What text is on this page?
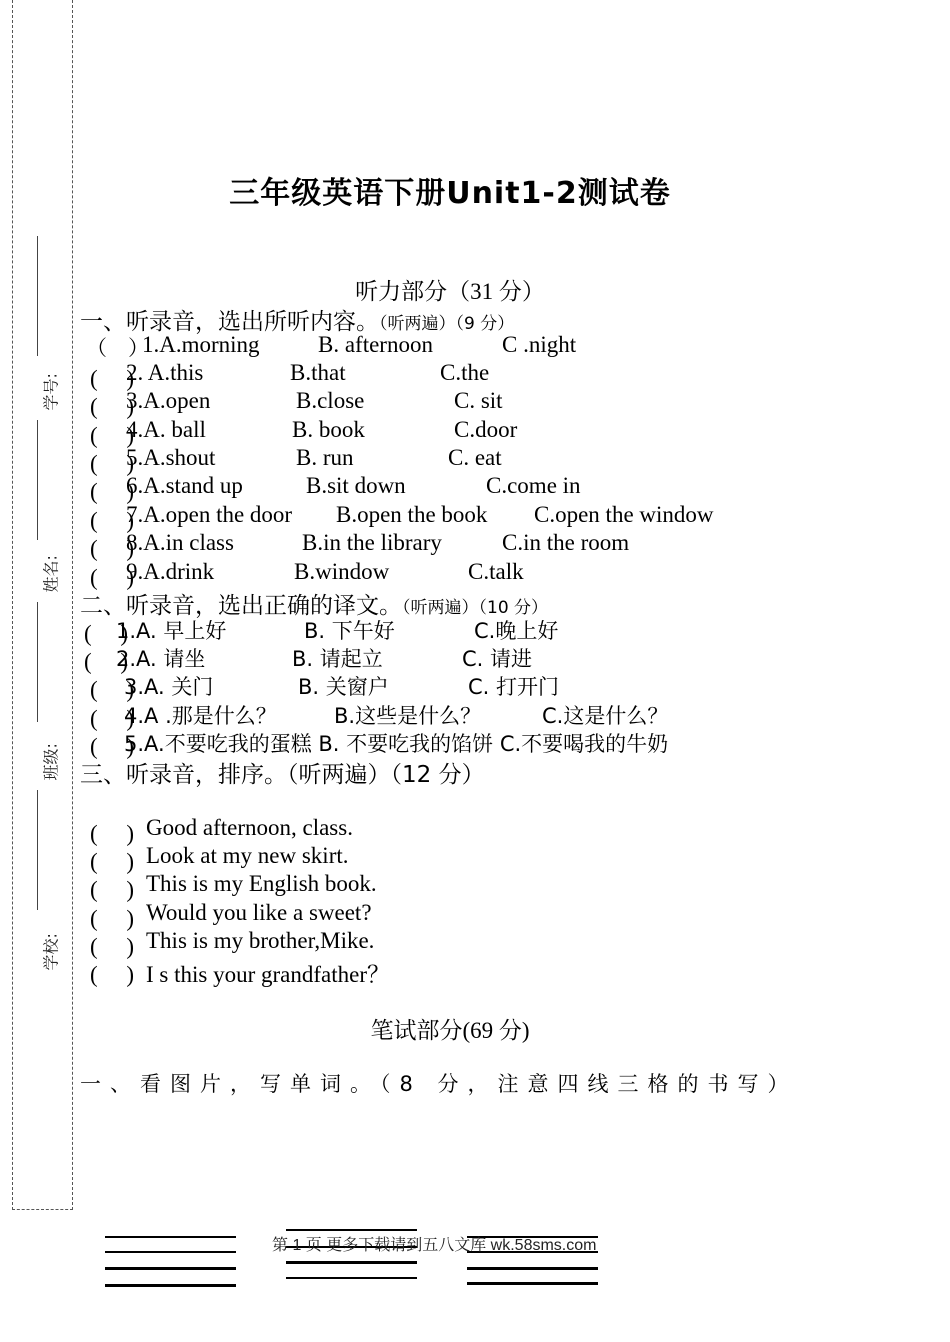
学号:
姓名:
班级:
学校:
三年级英语下册Unit1-2测试卷
听力部分（31 分）
一、听录音，选出所听内容。（听两遍）（9 分）
（　）
1.A.morning	B. afternoon	C .night
(　 )
2. A.this	B.that	C.the
(　 )
3.A.open	B.close	C. sit
(　 )
4.A. ball	B. book	C.door
(　 )
5.A.shout	B. run	C. eat
(　 )
6.A.stand up	B.sit down	C.come in
(　 )
7.A.open the door B.open the book C.open the window
(　 )
8.A.in class	B.in the library	C.in the room
(　 )
9.A.drink	B.window	C.talk
二、听录音，选出正确的译文。（听两遍）（10 分）
(　 )
1.A. 早上好	B. 下午好	C.晚上好
(　 )
2.A. 请坐	B. 请起立	C. 请进
(　 )
3.A. 关门	B. 关窗户	C. 打开门
(　 )
4.A .那是什么？	B.这些是什么？	C.这是什么？
(　 )
5.A.不要吃我的蛋糕 B. 不要吃我的馅饼 C.不要喝我的牛奶
三、听录音，排序。（听两遍）（12 分）
(　 ) Good afternoon, class.
(　 ) Look at my new skirt.
(　 ) This is my English book.
(　 ) Would you like a sweet?
(　 ) This is my brother,Mike.
(　 ) I s this your grandfather？
笔试部分(69 分)
一、看图片，写单词。（8 分，注意四线三格的书写）
第 1 页 更多下载请到五八文库 wk.58sms.com
